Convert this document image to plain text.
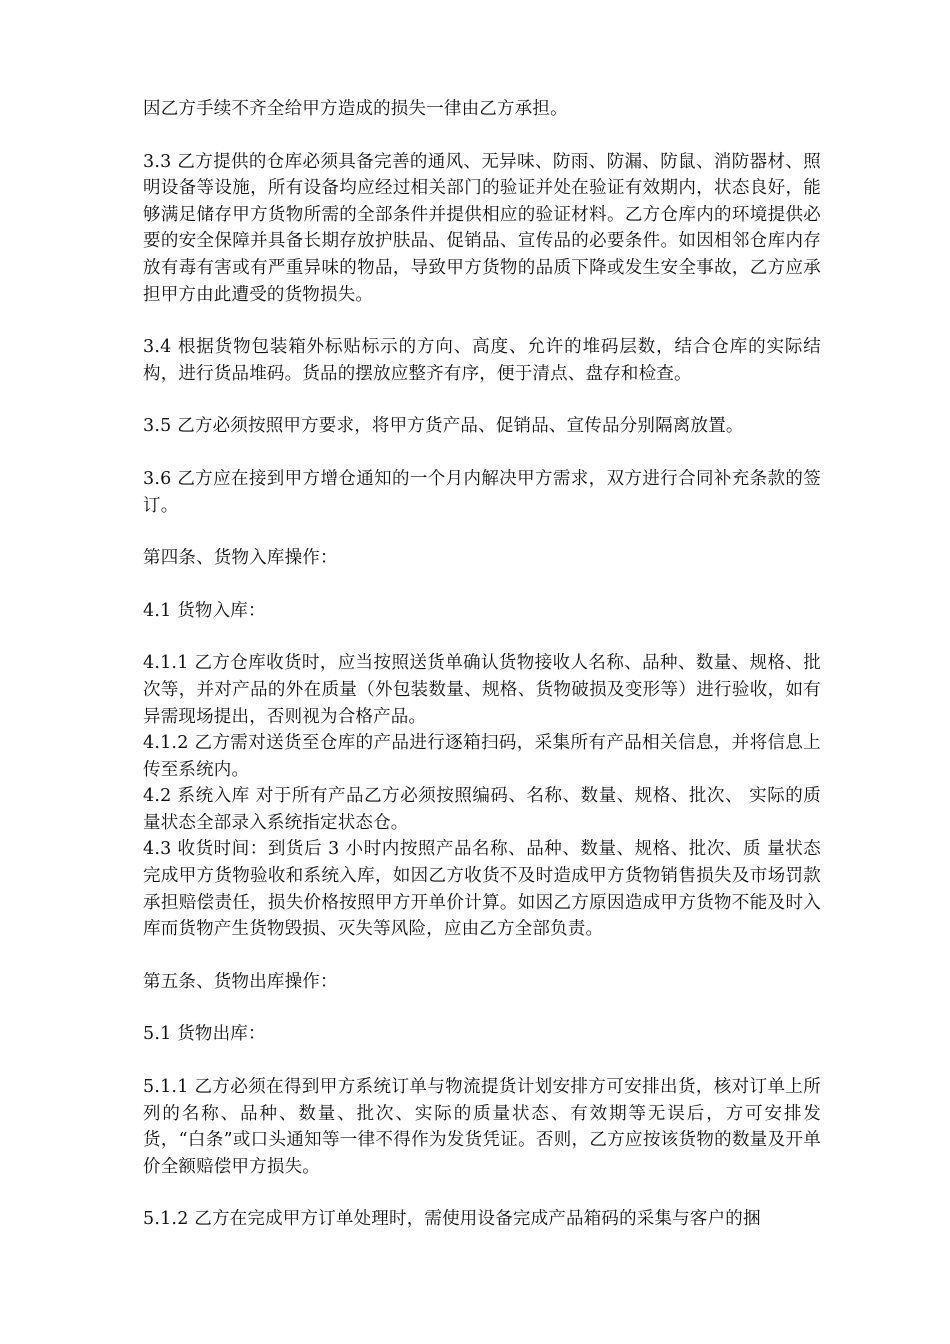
因乙方手续不齐全给甲方造成的损失一律由乙方承担。

3.3 乙方提供的仓库必须具备完善的通风、无异味、防雨、防漏、防鼠、消防器材、照明设备等设施，所有设备均应经过相关部门的验证并处在验证有效期内，状态良好，能够满足储存甲方货物所需的全部条件并提供相应的验证材料。乙方仓库内的环境提供必要的安全保障并具备长期存放护肤品、促销品、宣传品的必要条件。如因相邻仓库内存放有毒有害或有严重异味的物品，导致甲方货物的品质下降或发生安全事故，乙方应承担甲方由此遭受的货物损失。

3.4 根据货物包装箱外标贴标示的方向、高度、允许的堆码层数，结合仓库的实际结构，进行货品堆码。货品的摆放应整齐有序，便于清点、盘存和检查。

3.5 乙方必须按照甲方要求，将甲方货产品、促销品、宣传品分别隔离放置。

3.6 乙方应在接到甲方增仓通知的一个月内解决甲方需求，双方进行合同补充条款的签订。

第四条、货物入库操作：

4.1 货物入库：

4.1.1 乙方仓库收货时，应当按照送货单确认货物接收人名称、品种、数量、规格、批次等，并对产品的外在质量（外包装数量、规格、货物破损及变形等）进行验收，如有异需现场提出，否则视为合格产品。

4.1.2 乙方需对送货至仓库的产品进行逐箱扫码，采集所有产品相关信息，并将信息上传至系统内。

4.2 系统入库 对于所有产品乙方必须按照编码、名称、数量、规格、批次、 实际的质量状态全部录入系统指定状态仓。

4.3 收货时间：到货后 3 小时内按照产品名称、品种、数量、规格、批次、质 量状态完成甲方货物验收和系统入库，如因乙方收货不及时造成甲方货物销售损失及市场罚款承担赔偿责任，损失价格按照甲方开单价计算。如因乙方原因造成甲方货物不能及时入库而货物产生货物毁损、灭失等风险，应由乙方全部负责。

第五条、货物出库操作：

5.1 货物出库：

5.1.1 乙方必须在得到甲方系统订单与物流提货计划安排方可安排出货，核对订单上所列的名称、品种、数量、批次、实际的质量状态、有效期等无误后，方可安排发货，“白条”或口头通知等一律不得作为发货凭证。否则，乙方应按该货物的数量及开单价全额赔偿甲方损失。

5.1.2 乙方在完成甲方订单处理时，需使用设备完成产品箱码的采集与客户的捆
